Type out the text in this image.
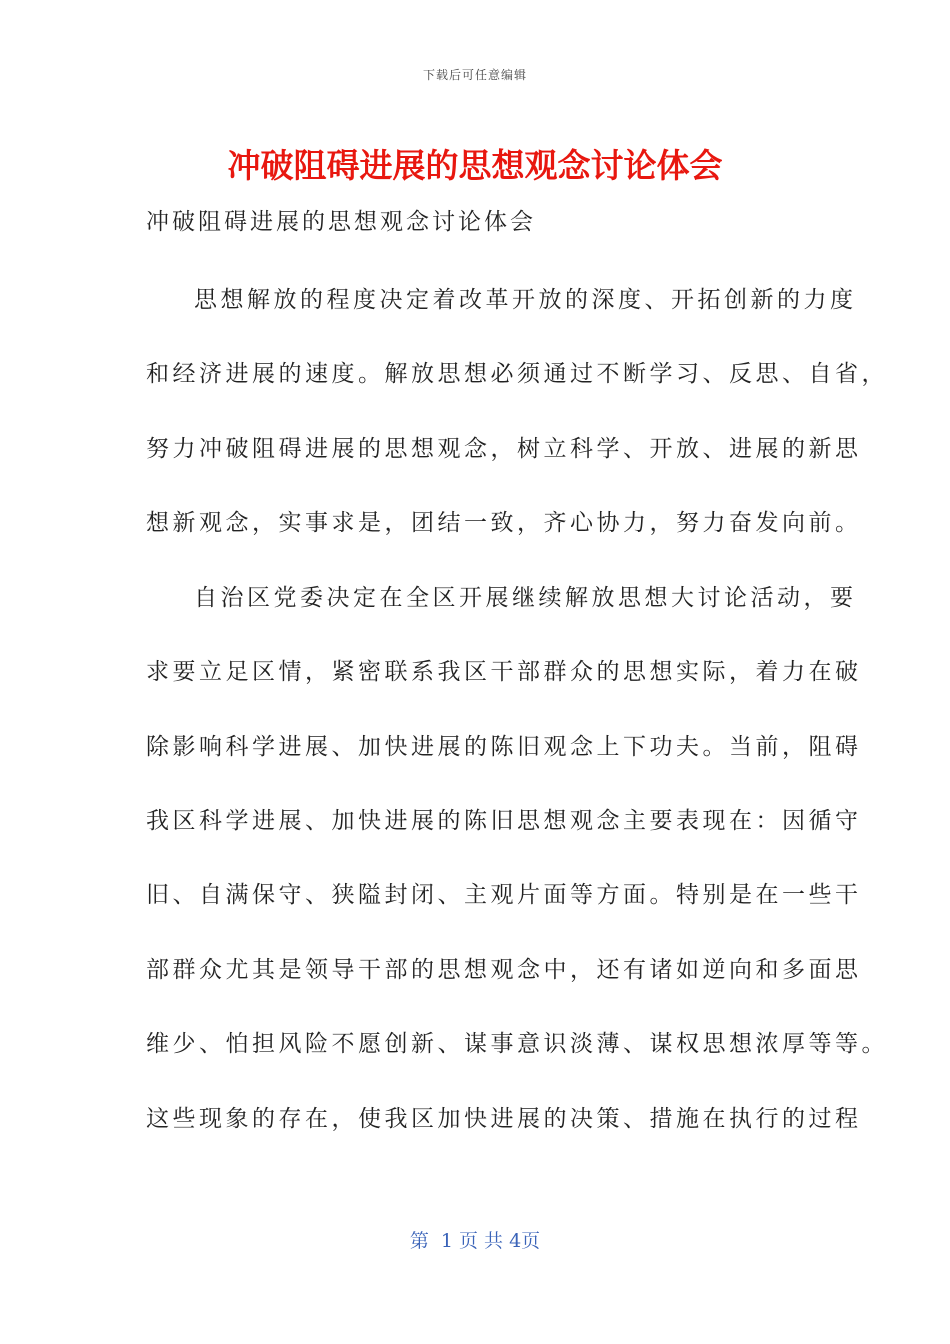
下载后可任意编辑
冲破阻碍进展的思想观念讨论体会
冲破阻碍进展的思想观念讨论体会
思想解放的程度决定着改革开放的深度、开拓创新的力度
和经济进展的速度。解放思想必须通过不断学习、反思、自省，
努力冲破阻碍进展的思想观念，树立科学、开放、进展的新思
想新观念，实事求是，团结一致，齐心协力，努力奋发向前。
自治区党委决定在全区开展继续解放思想大讨论活动，要
求要立足区情，紧密联系我区干部群众的思想实际，着力在破
除影响科学进展、加快进展的陈旧观念上下功夫。当前，阻碍
我区科学进展、加快进展的陈旧思想观念主要表现在：因循守
旧、自满保守、狭隘封闭、主观片面等方面。特别是在一些干
部群众尤其是领导干部的思想观念中，还有诸如逆向和多面思
维少、怕担风险不愿创新、谋事意识淡薄、谋权思想浓厚等等。
这些现象的存在，使我区加快进展的决策、措施在执行的过程
第  1 页 共 4页
